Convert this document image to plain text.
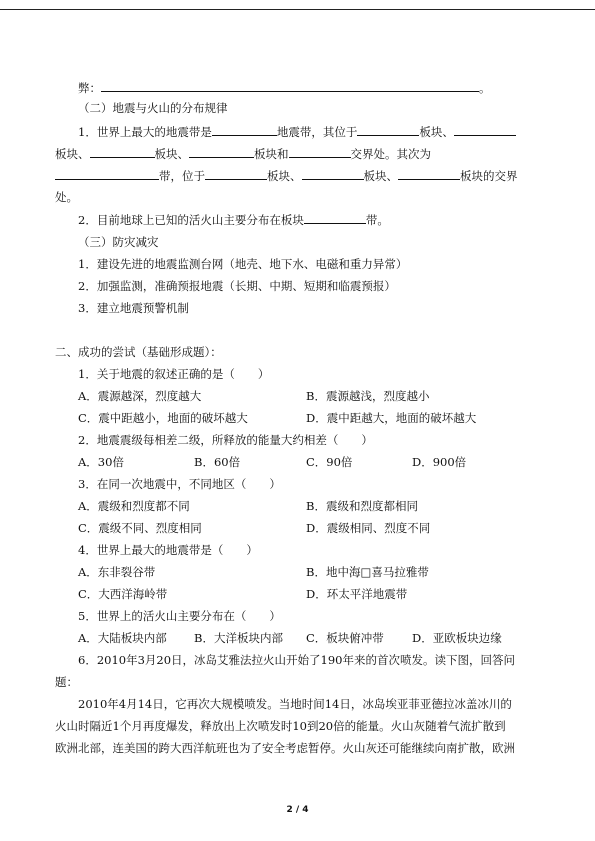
弊：	。
（二）地震与火山的分布规律
1．世界上最大的地震带是	地震带，其位于	板块、
板块、	板块、	板块和	交界处。其次为
带，位于	板块、	板块、	板块的交界
处。
2．目前地球上已知的活火山主要分布在板块	带。
（三）防灾减灾
1．建设先进的地震监测台网（地壳、地下水、电磁和重力异常）
2．加强监测，准确预报地震（长期、中期、短期和临震预报）
3．建立地震预警机制
二、成功的尝试（基础形成题）：
1．关于地震的叙述正确的是（　　）
A．震源越深，烈度越大	B．震源越浅，烈度越小
C．震中距越小，地面的破坏越大	D．震中距越大，地面的破坏越大
2．地震震级每相差二级，所释放的能量大约相差（　　）
A．30倍	B．60倍	C．90倍	D．900倍
3．在同一次地震中，不同地区（　　）
A．震级和烈度都不同	B．震级和烈度都相同
C．震级不同、烈度相同	D．震级相同、烈度不同
4．世界上最大的地震带是（　　）
A．东非裂谷带	B．地中海□喜马拉雅带
C．大西洋海岭带	D．环太平洋地震带
5．世界上的活火山主要分布在（　　）
A．大陆板块内部 B．大洋板块内部 C．板块俯冲带 D．亚欧板块边缘
6．2010年3月20日，冰岛艾雅法拉火山开始了190年来的首次喷发。读下图，回答问
题：
2010年4月14日，它再次大规模喷发。当地时间14日，冰岛埃亚菲亚德拉冰盖冰川的
火山时隔近1个月再度爆发，释放出上次喷发时10到20倍的能量。火山灰随着气流扩散到
欧洲北部，连美国的跨大西洋航班也为了安全考虑暂停。火山灰还可能继续向南扩散，欧洲
2 / 4
